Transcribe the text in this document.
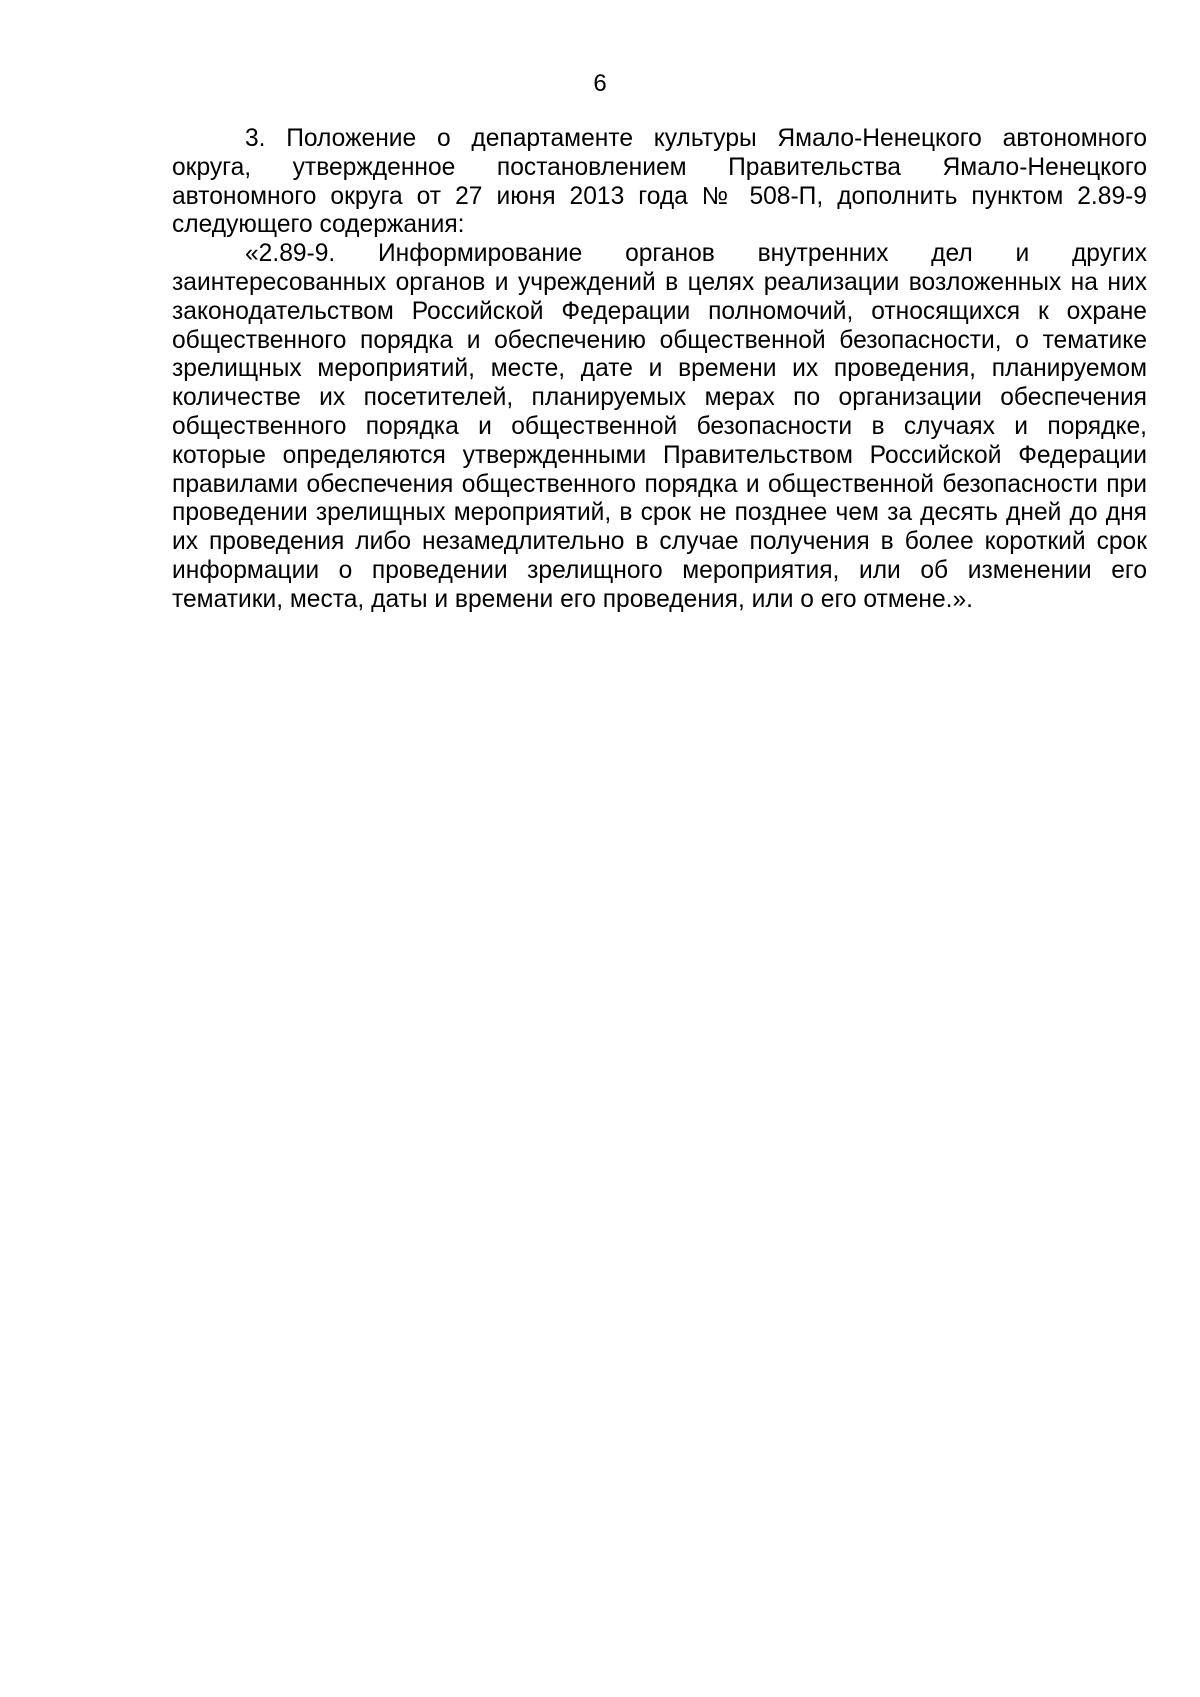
6

3. Положение о департаменте культуры Ямало-Ненецкого автономного округа, утвержденное постановлением Правительства Ямало-Ненецкого автономного округа от 27 июня 2013 года № 508-П, дополнить пунктом 2.89-9 следующего содержания:

«2.89-9. Информирование органов внутренних дел и других заинтересованных органов и учреждений в целях реализации возложенных на них законодательством Российской Федерации полномочий, относящихся к охране общественного порядка и обеспечению общественной безопасности, о тематике зрелищных мероприятий, месте, дате и времени их проведения, планируемом количестве их посетителей, планируемых мерах по организации обеспечения общественного порядка и общественной безопасности в случаях и порядке, которые определяются утвержденными Правительством Российской Федерации правилами обеспечения общественного порядка и общественной безопасности при проведении зрелищных мероприятий, в срок не позднее чем за десять дней до дня их проведения либо незамедлительно в случае получения в более короткий срок информации о проведении зрелищного мероприятия, или об изменении его тематики, места, даты и времени его проведения, или о его отмене.».
